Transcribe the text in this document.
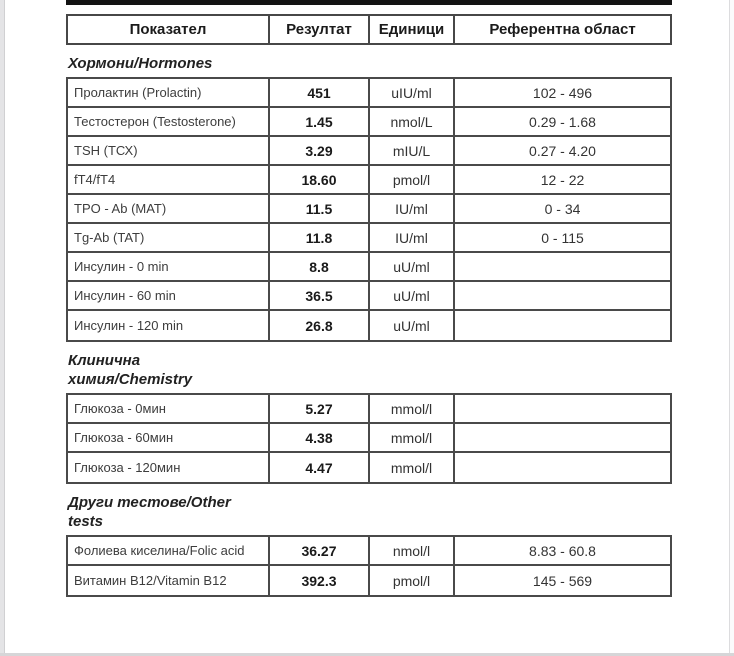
Показател	Резултат	Единици	Референтна област
Хормони/Hormones
Пролактин (Prolactin)	451	uIU/ml	102 - 496
Тестостерон (Testosterone)	1.45	nmol/L	0.29 - 1.68
TSH (ТСХ)	3.29	mIU/L	0.27 - 4.20
fT4/fT4	18.60	pmol/l	12 - 22
TPO - Ab (MAT)	11.5	IU/ml	0 - 34
Tg-Ab (TAT)	11.8	IU/ml	0 - 115
Инсулин - 0 min	8.8	uU/ml
Инсулин - 60 min	36.5	uU/ml
Инсулин - 120 min	26.8	uU/ml
Клинична
химия/Chemistry
Глюкоза - 0мин	5.27	mmol/l
Глюкоза - 60мин	4.38	mmol/l
Глюкоза - 120мин	4.47	mmol/l
Други тестове/Other
tests
Фолиева киселина/Folic acid	36.27	nmol/l	8.83 - 60.8
Витамин B12/Vitamin B12	392.3	pmol/l	145 - 569
